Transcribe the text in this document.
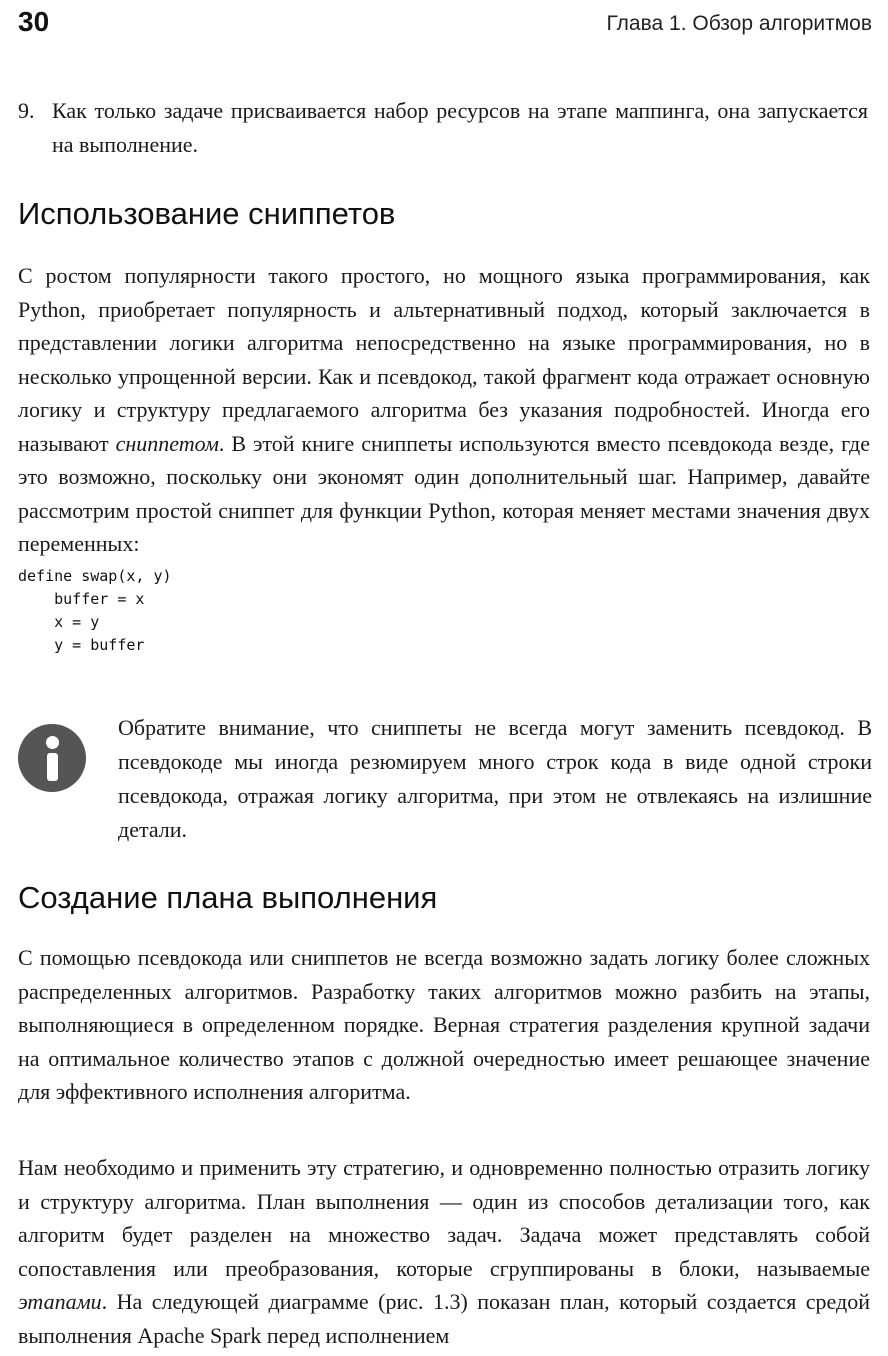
30	Глава 1. Обзор алгоритмов
9. Как только задаче присваивается набор ресурсов на этапе маппинга, она запускается на выполнение.
Использование сниппетов

С ростом популярности такого простого, но мощного языка программирования, как Python, приобретает популярность и альтернативный подход, который заключается в представлении логики алгоритма непосредственно на языке программирования, но в несколько упрощенной версии. Как и псевдокод, такой фрагмент кода отражает основную логику и структуру предлагаемого алгоритма без указания подробностей. Иногда его называют сниппетом. В этой книге сниппеты используются вместо псевдокода везде, где это возможно, поскольку они экономят один дополнительный шаг. Например, давайте рассмотрим простой сниппет для функции Python, которая меняет местами значения двух переменных:

define swap(x, y)
buffer = x
x = y
y = buffer

Обратите внимание, что сниппеты не всегда могут заменить псевдокод. В псевдокоде мы иногда резюмируем много строк кода в виде одной строки псевдокода, отражая логику алгоритма, при этом не отвлекаясь на излишние детали.

Создание плана выполнения

С помощью псевдокода или сниппетов не всегда возможно задать логику более сложных распределенных алгоритмов. Разработку таких алгоритмов можно разбить на этапы, выполняющиеся в определенном порядке. Верная стратегия разделения крупной задачи на оптимальное количество этапов с должной очередностью имеет решающее значение для эффективного исполнения алгоритма.

Нам необходимо и применить эту стратегию, и одновременно полностью отразить логику и структуру алгоритма. План выполнения — один из способов детализации того, как алгоритм будет разделен на множество задач. Задача может представлять собой сопоставления или преобразования, которые сгруппированы в блоки, называемые этапами. На следующей диаграмме (рис. 1.3) показан план, который создается средой выполнения Apache Spark перед исполнением
